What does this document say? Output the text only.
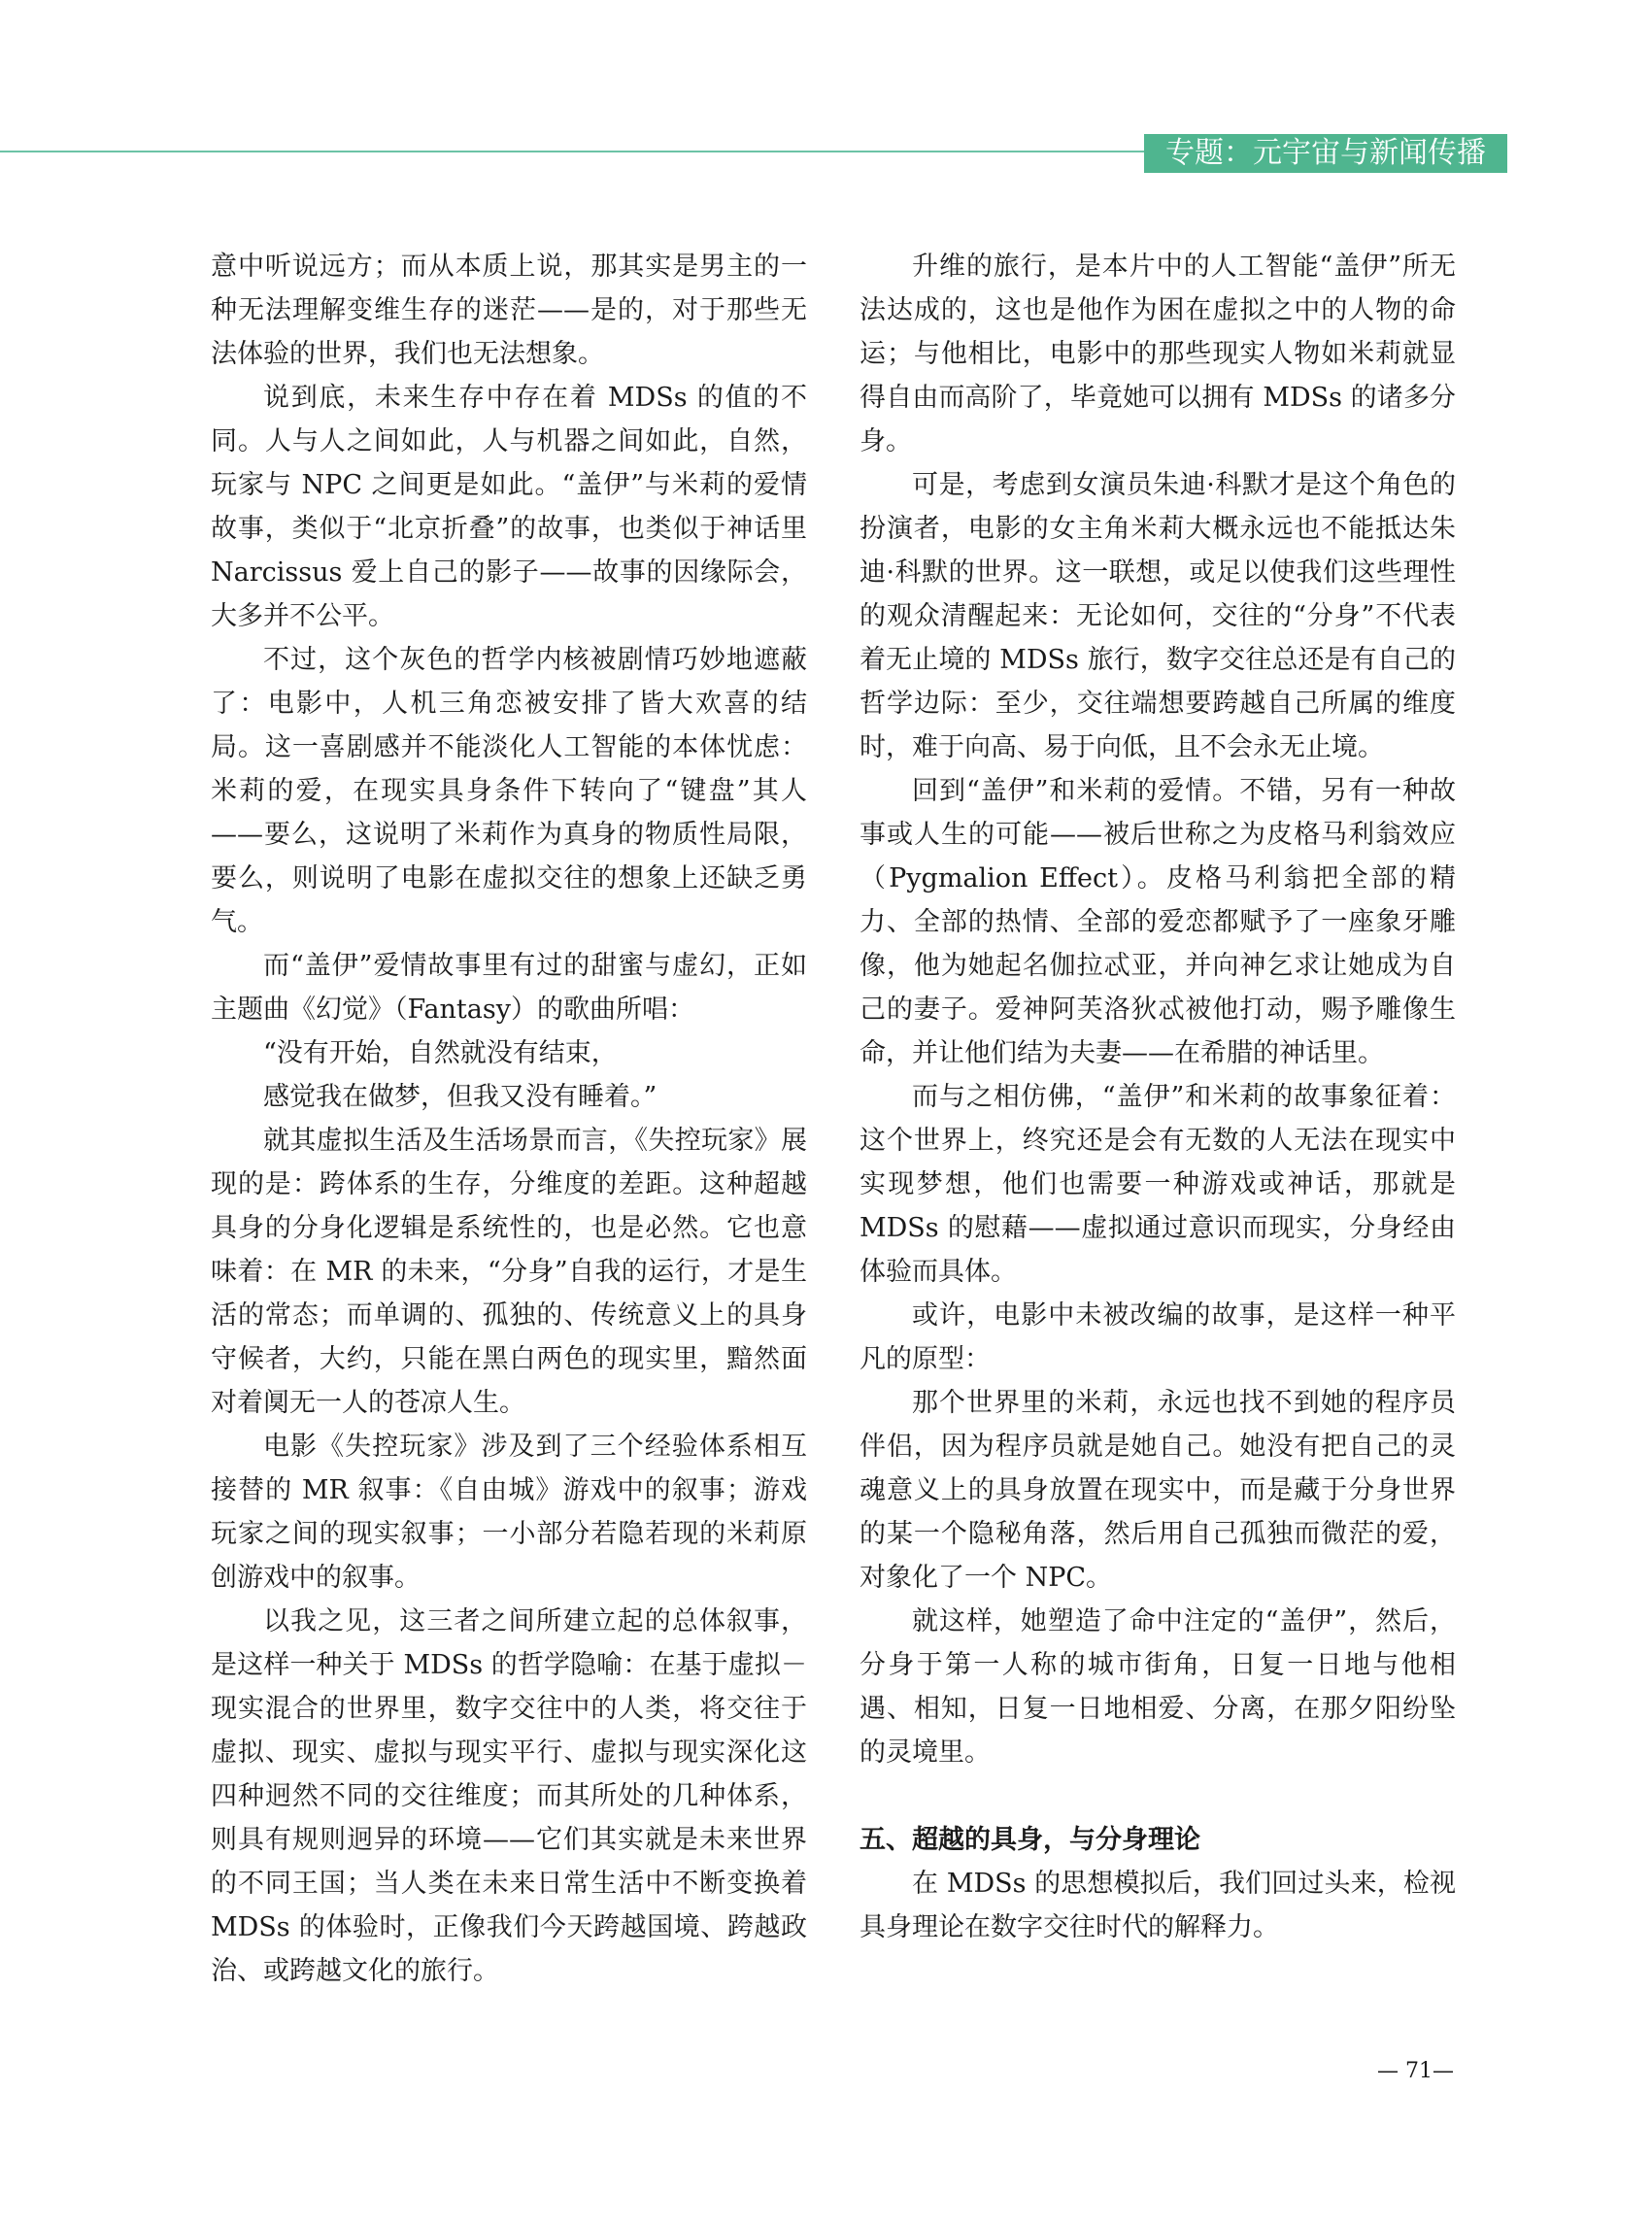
专题：元宇宙与新闻传播

意中听说远方；而从本质上说，那其实是男主的一种无法理解变维生存的迷茫——是的，对于那些无法体验的世界，我们也无法想象。

说到底，未来生存中存在着 MDSs 的值的不同。人与人之间如此，人与机器之间如此，自然，玩家与 NPC 之间更是如此。“盖伊”与米莉的爱情故事，类似于“北京折叠”的故事，也类似于神话里 Narcissus 爱上自己的影子——故事的因缘际会，大多并不公平。

不过，这个灰色的哲学内核被剧情巧妙地遮蔽了：电影中，人机三角恋被安排了皆大欢喜的结局。这一喜剧感并不能淡化人工智能的本体忧虑：米莉的爱，在现实具身条件下转向了“键盘”其人——要么，这说明了米莉作为真身的物质性局限，要么，则说明了电影在虚拟交往的想象上还缺乏勇气。

而“盖伊”爱情故事里有过的甜蜜与虚幻，正如主题曲《幻觉》（Fantasy）的歌曲所唱：

“没有开始，自然就没有结束，

感觉我在做梦，但我又没有睡着。”

就其虚拟生活及生活场景而言，《失控玩家》展现的是：跨体系的生存，分维度的差距。这种超越具身的分身化逻辑是系统性的，也是必然。它也意味着：在 MR 的未来，“分身”自我的运行，才是生活的常态；而单调的、孤独的、传统意义上的具身守候者，大约，只能在黑白两色的现实里，黯然面对着阒无一人的苍凉人生。

电影《失控玩家》涉及到了三个经验体系相互接替的 MR 叙事：《自由城》游戏中的叙事；游戏玩家之间的现实叙事；一小部分若隐若现的米莉原创游戏中的叙事。

以我之见，这三者之间所建立起的总体叙事，是这样一种关于 MDSs 的哲学隐喻：在基于虚拟－现实混合的世界里，数字交往中的人类，将交往于虚拟、现实、虚拟与现实平行、虚拟与现实深化这四种迥然不同的交往维度；而其所处的几种体系，则具有规则迥异的环境——它们其实就是未来世界的不同王国；当人类在未来日常生活中不断变换着 MDSs 的体验时，正像我们今天跨越国境、跨越政治、或跨越文化的旅行。

升维的旅行，是本片中的人工智能“盖伊”所无法达成的，这也是他作为困在虚拟之中的人物的命运；与他相比，电影中的那些现实人物如米莉就显得自由而高阶了，毕竟她可以拥有 MDSs 的诸多分身。

可是，考虑到女演员朱迪·科默才是这个角色的扮演者，电影的女主角米莉大概永远也不能抵达朱迪·科默的世界。这一联想，或足以使我们这些理性的观众清醒起来：无论如何，交往的“分身”不代表着无止境的 MDSs 旅行，数字交往总还是有自己的哲学边际：至少，交往端想要跨越自己所属的维度时，难于向高、易于向低，且不会永无止境。

回到“盖伊”和米莉的爱情。不错，另有一种故事或人生的可能——被后世称之为皮格马利翁效应（Pygmalion Effect）。皮格马利翁把全部的精力、全部的热情、全部的爱恋都赋予了一座象牙雕像，他为她起名伽拉忒亚，并向神乞求让她成为自己的妻子。爱神阿芙洛狄忒被他打动，赐予雕像生命，并让他们结为夫妻——在希腊的神话里。

而与之相仿佛，“盖伊”和米莉的故事象征着：这个世界上，终究还是会有无数的人无法在现实中实现梦想，他们也需要一种游戏或神话，那就是 MDSs 的慰藉——虚拟通过意识而现实，分身经由体验而具体。

或许，电影中未被改编的故事，是这样一种平凡的原型：

那个世界里的米莉，永远也找不到她的程序员伴侣，因为程序员就是她自己。她没有把自己的灵魂意义上的具身放置在现实中，而是藏于分身世界的某一个隐秘角落，然后用自己孤独而微茫的爱，对象化了一个 NPC。

就这样，她塑造了命中注定的“盖伊”，然后，分身于第一人称的城市街角，日复一日地与他相遇、相知，日复一日地相爱、分离，在那夕阳纷坠的灵境里。

五、超越的具身，与分身理论

在 MDSs 的思想模拟后，我们回过头来，检视具身理论在数字交往时代的解释力。

— 71—
